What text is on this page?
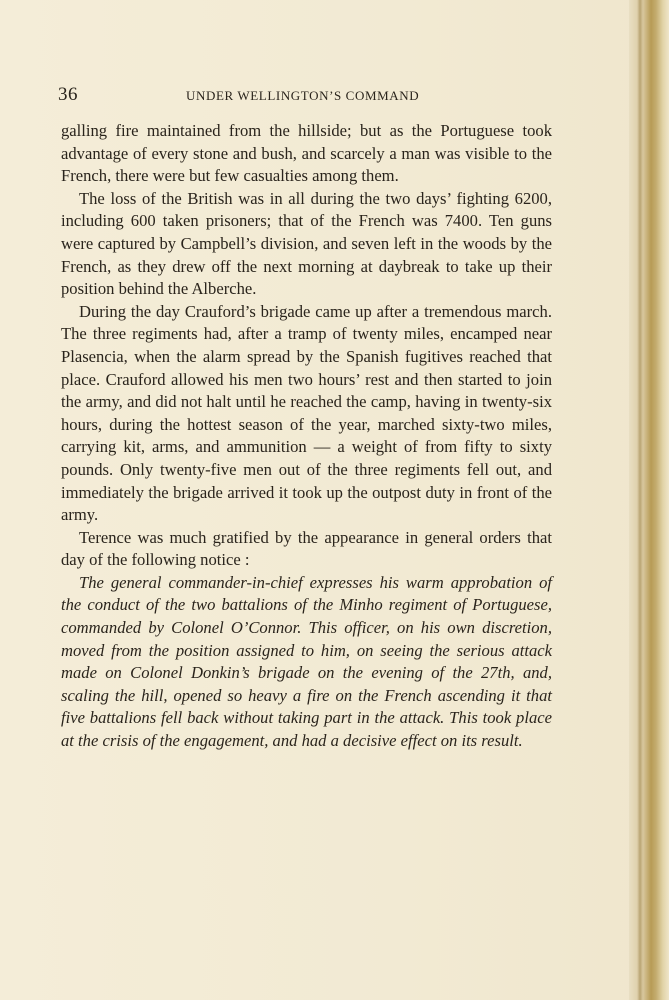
36	UNDER WELLINGTON’S COMMAND

galling fire maintained from the hillside; but as the Portuguese took advantage of every stone and bush, and scarcely a man was visible to the French, there were but few casualties among them.

The loss of the British was in all during the two days’ fighting 6200, including 600 taken prisoners; that of the French was 7400. Ten guns were captured by Campbell’s division, and seven left in the woods by the French, as they drew off the next morning at daybreak to take up their position behind the Alberche.

During the day Crauford’s brigade came up after a tremendous march. The three regiments had, after a tramp of twenty miles, encamped near Plasencia, when the alarm spread by the Spanish fugitives reached that place. Crauford allowed his men two hours’ rest and then started to join the army, and did not halt until he reached the camp, having in twenty-six hours, during the hottest season of the year, marched sixty-two miles, carrying kit, arms, and ammunition — a weight of from fifty to sixty pounds. Only twenty-five men out of the three regiments fell out, and immediately the brigade arrived it took up the outpost duty in front of the army.

Terence was much gratified by the appearance in general orders that day of the following notice :

The general commander-in-chief expresses his warm approbation of the conduct of the two battalions of the Minho regiment of Portuguese, commanded by Colonel O’Connor. This officer, on his own discretion, moved from the position assigned to him, on seeing the serious attack made on Colonel Donkin’s brigade on the evening of the 27th, and, scaling the hill, opened so heavy a fire on the French ascending it that five battalions fell back without taking part in the attack. This took place at the crisis of the engagement, and had a decisive effect on its result.
